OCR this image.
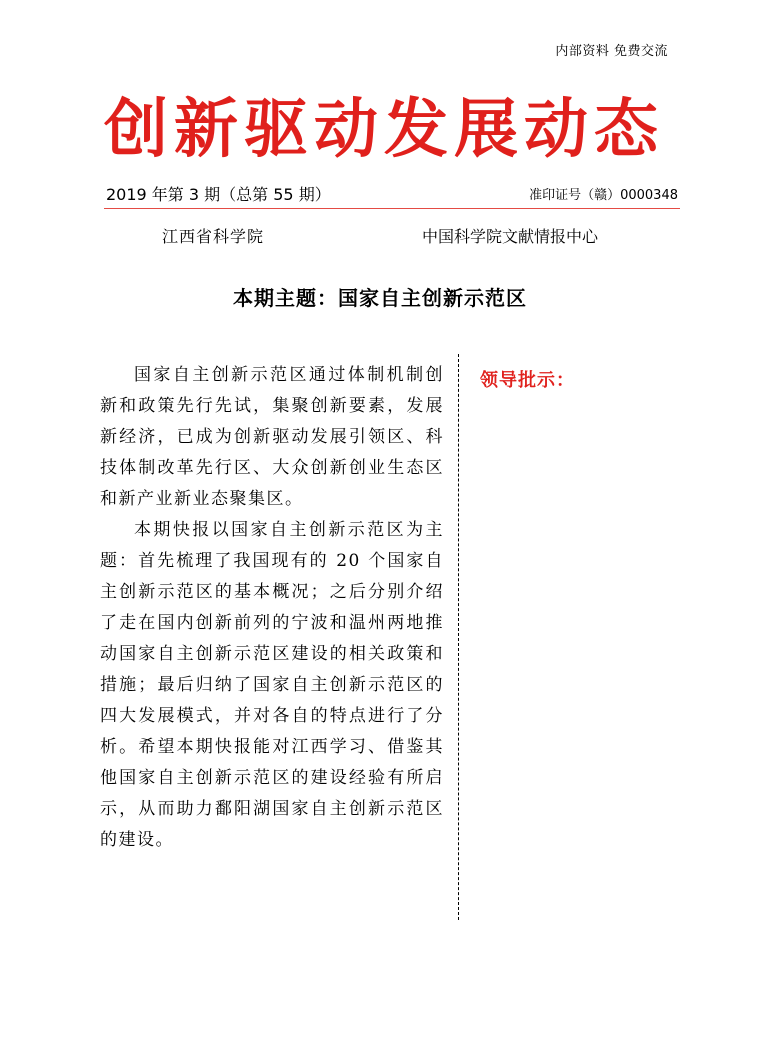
内部资料 免费交流
创新驱动发展动态
2019 年第 3 期（总第 55 期）	准印证号（赣）0000348
江西省科学院	中国科学院文献情报中心
本期主题：国家自主创新示范区

国家自主创新示范区通过体制机制创新和政策先行先试，集聚创新要素，发展新经济，已成为创新驱动发展引领区、科技体制改革先行区、大众创新创业生态区和新产业新业态聚集区。

本期快报以国家自主创新示范区为主题：首先梳理了我国现有的 20 个国家自主创新示范区的基本概况；之后分别介绍了走在国内创新前列的宁波和温州两地推动国家自主创新示范区建设的相关政策和措施；最后归纳了国家自主创新示范区的四大发展模式，并对各自的特点进行了分析。希望本期快报能对江西学习、借鉴其他国家自主创新示范区的建设经验有所启示，从而助力鄱阳湖国家自主创新示范区的建设。

领导批示：
